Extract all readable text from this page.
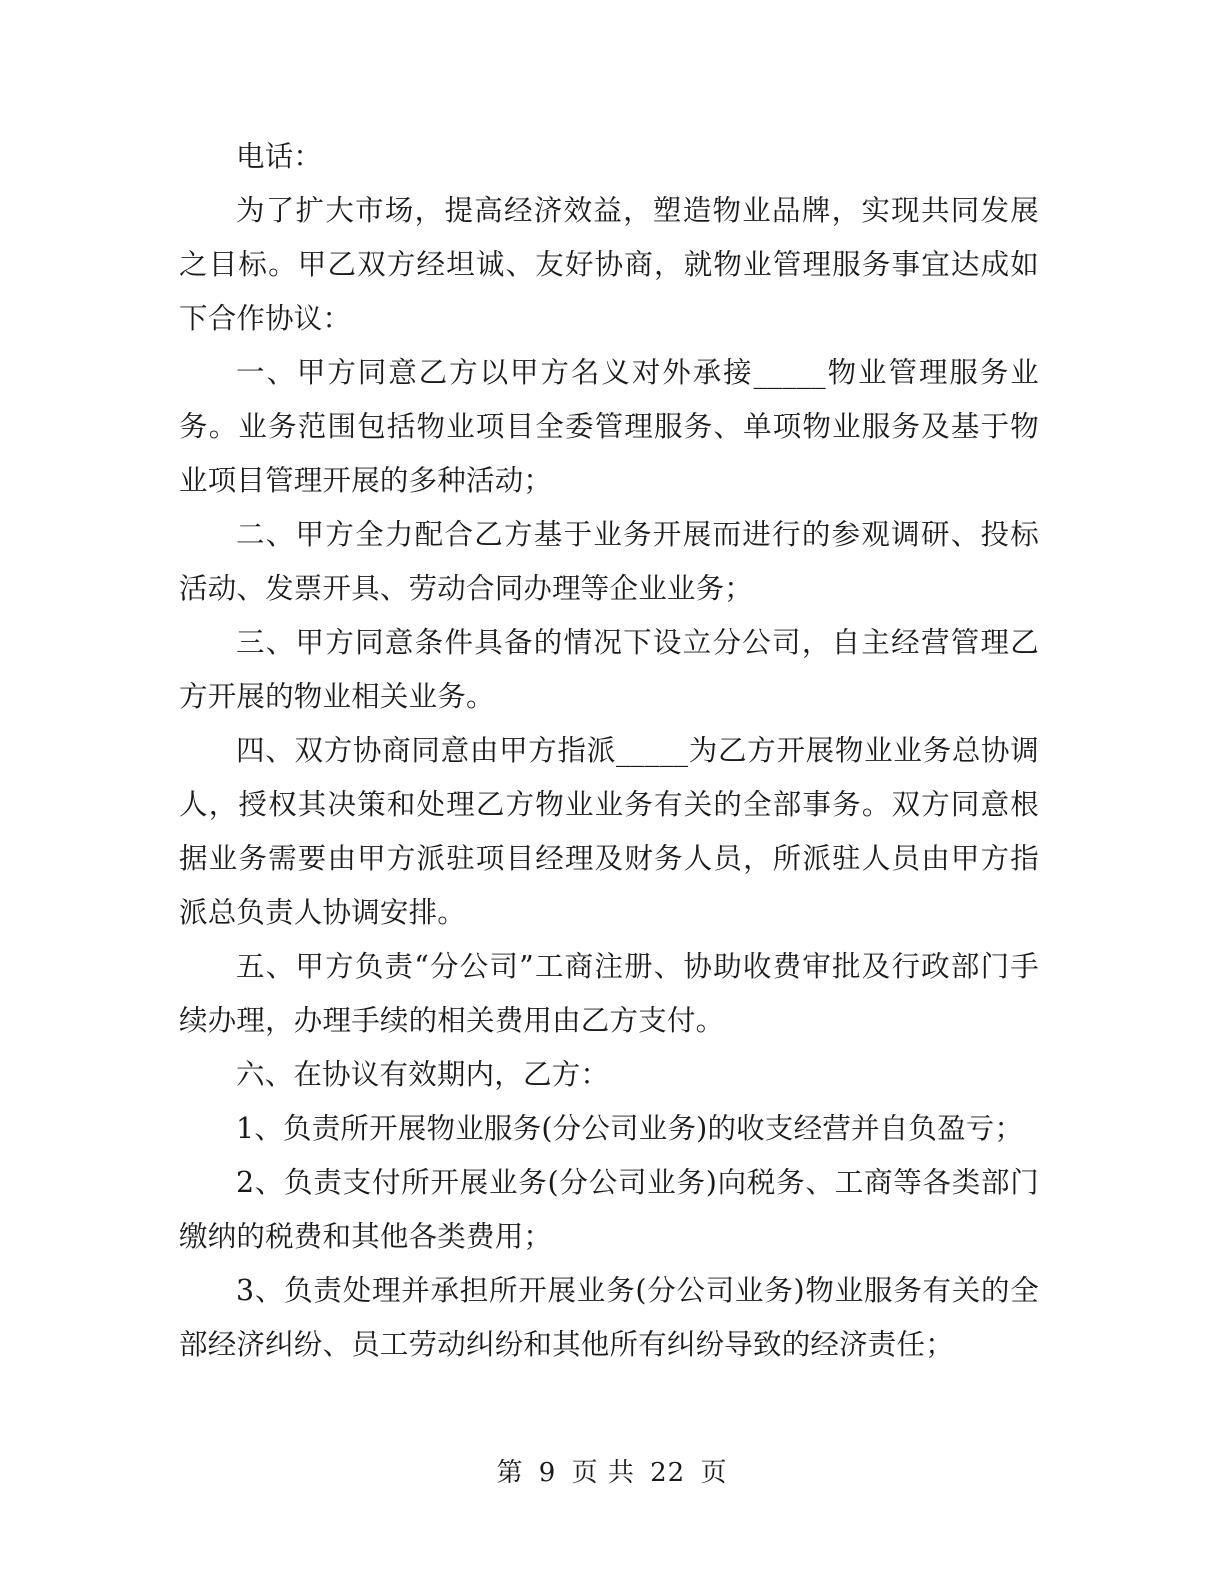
电话：

为了扩大市场，提高经济效益，塑造物业品牌，实现共同发展之目标。甲乙双方经坦诚、友好协商，就物业管理服务事宜达成如下合作协议：

一、甲方同意乙方以甲方名义对外承接_____物业管理服务业务。业务范围包括物业项目全委管理服务、单项物业服务及基于物业项目管理开展的多种活动；

二、甲方全力配合乙方基于业务开展而进行的参观调研、投标活动、发票开具、劳动合同办理等企业业务；

三、甲方同意条件具备的情况下设立分公司，自主经营管理乙方开展的物业相关业务。

四、双方协商同意由甲方指派_____为乙方开展物业业务总协调人，授权其决策和处理乙方物业业务有关的全部事务。双方同意根据业务需要由甲方派驻项目经理及财务人员，所派驻人员由甲方指派总负责人协调安排。

五、甲方负责“分公司”工商注册、协助收费审批及行政部门手续办理，办理手续的相关费用由乙方支付。

六、在协议有效期内，乙方：

1、负责所开展物业服务(分公司业务)的收支经营并自负盈亏；

2、负责支付所开展业务(分公司业务)向税务、工商等各类部门缴纳的税费和其他各类费用；

3、负责处理并承担所开展业务(分公司业务)物业服务有关的全部经济纠纷、员工劳动纠纷和其他所有纠纷导致的经济责任；

第 9 页 共 22 页
